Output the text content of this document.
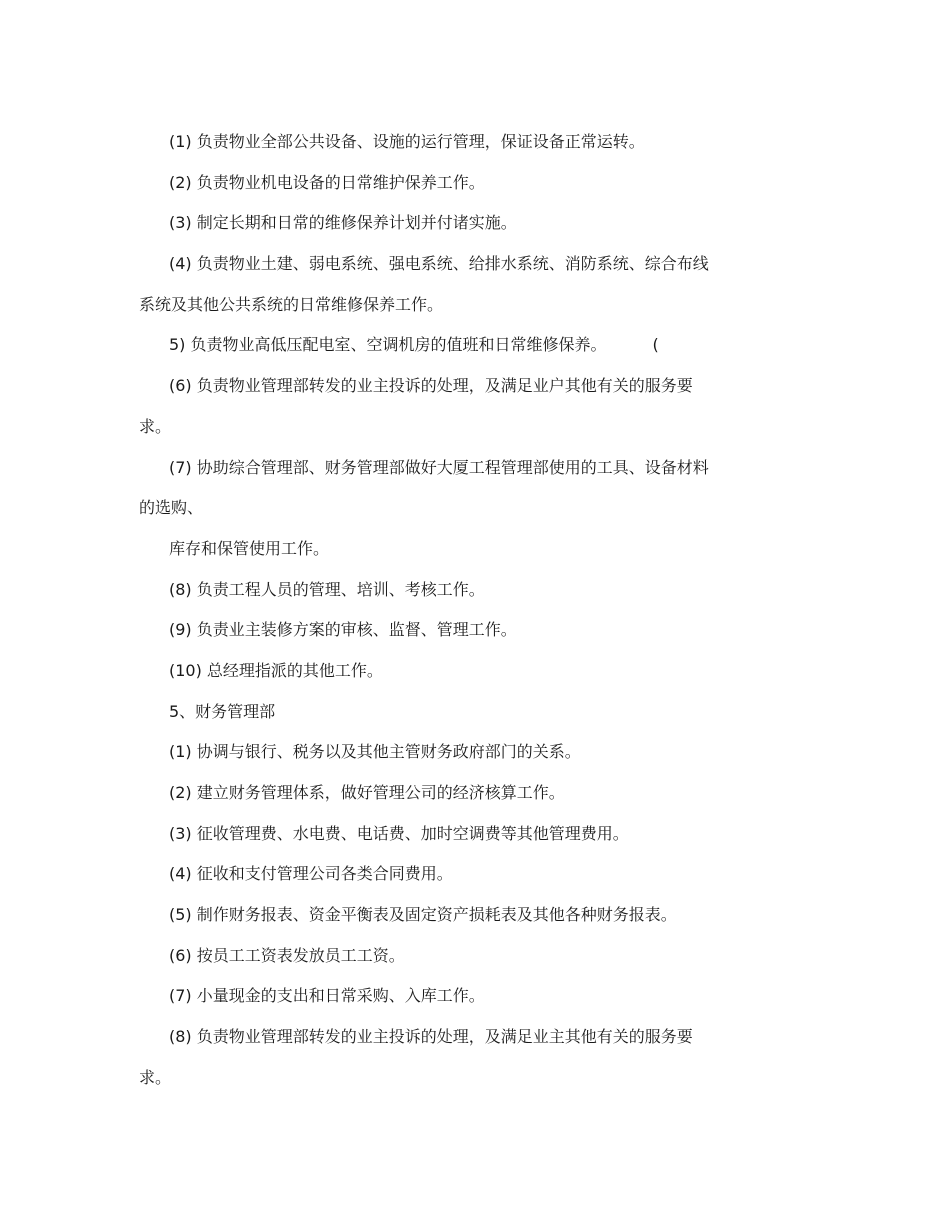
(1) 负责物业全部公共设备、设施的运行管理，保证设备正常运转。
(2) 负责物业机电设备的日常维护保养工作。
(3) 制定长期和日常的维修保养计划并付诸实施。
(4) 负责物业土建、弱电系统、强电系统、给排水系统、消防系统、综合布线
系统及其他公共系统的日常维修保养工作。
5) 负责物业高低压配电室、空调机房的值班和日常维修保养。	(
(6) 负责物业管理部转发的业主投诉的处理，及满足业户其他有关的服务要
求。
(7) 协助综合管理部、财务管理部做好大厦工程管理部使用的工具、设备材料
的选购、
库存和保管使用工作。
(8) 负责工程人员的管理、培训、考核工作。
(9) 负责业主装修方案的审核、监督、管理工作。
(10) 总经理指派的其他工作。
5、财务管理部
(1) 协调与银行、税务以及其他主管财务政府部门的关系。
(2) 建立财务管理体系，做好管理公司的经济核算工作。
(3) 征收管理费、水电费、电话费、加时空调费等其他管理费用。
(4) 征收和支付管理公司各类合同费用。
(5) 制作财务报表、资金平衡表及固定资产损耗表及其他各种财务报表。
(6) 按员工工资表发放员工工资。
(7) 小量现金的支出和日常采购、入库工作。
(8) 负责物业管理部转发的业主投诉的处理，及满足业主其他有关的服务要
求。
